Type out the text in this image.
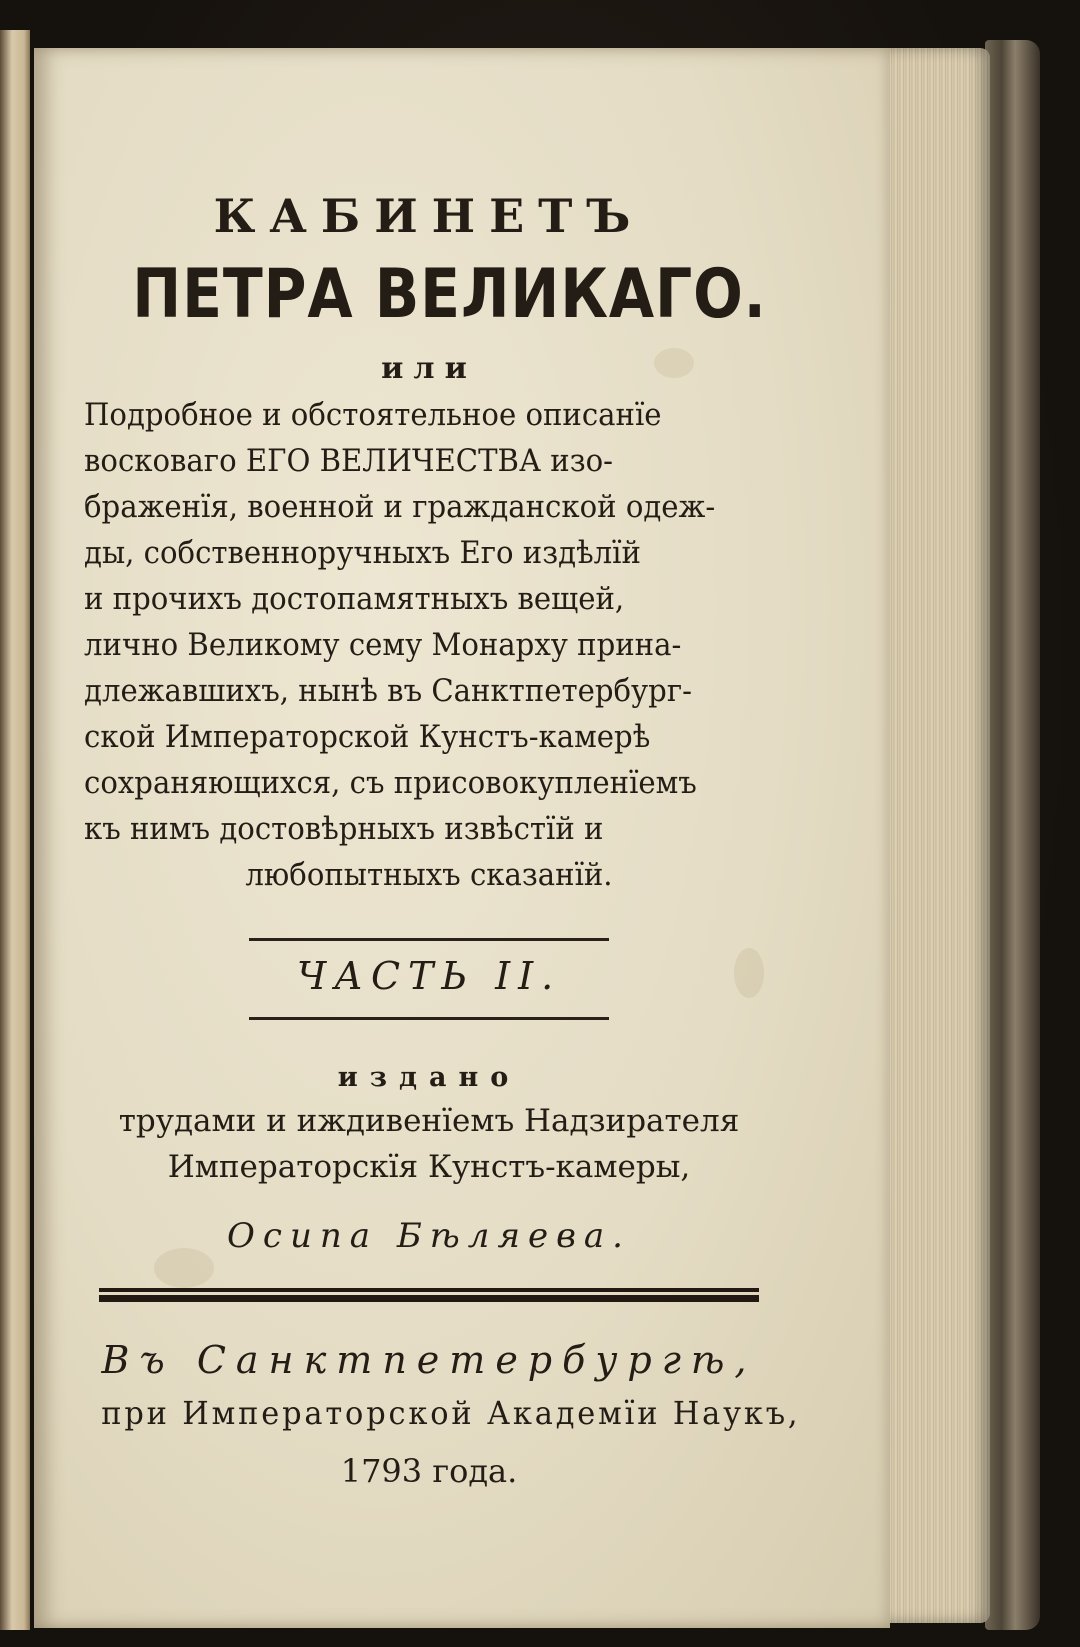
КАБИНЕТЪ
ПЕТРА ВЕЛИКАГО.
или
Подробное и обстоятельное описанїе
восковаго ЕГО ВЕЛИЧЕСТВА изо-
браженїя, военной и гражданской одеж-
ды, собственноручныхъ Его издѣлїй
и прочихъ достопамятныхъ вещей,
лично Великому сему Монарху прина-
длежавшихъ, нынѣ въ Санктпетербург-
ской Императорской Кунстъ-камерѣ
сохраняющихся, съ присовокупленїемъ
къ нимъ достовѣрныхъ извѣстїй и
любопытныхъ сказанїй.
ЧАСТЬ II.
издано
трудами и иждивенїемъ Надзирателя
Императорскїя Кунстъ-камеры,
Осипа Бѣляева.
Въ Санктпетербургѣ,
при Императорской Академїи Наукъ,
1793 года.
